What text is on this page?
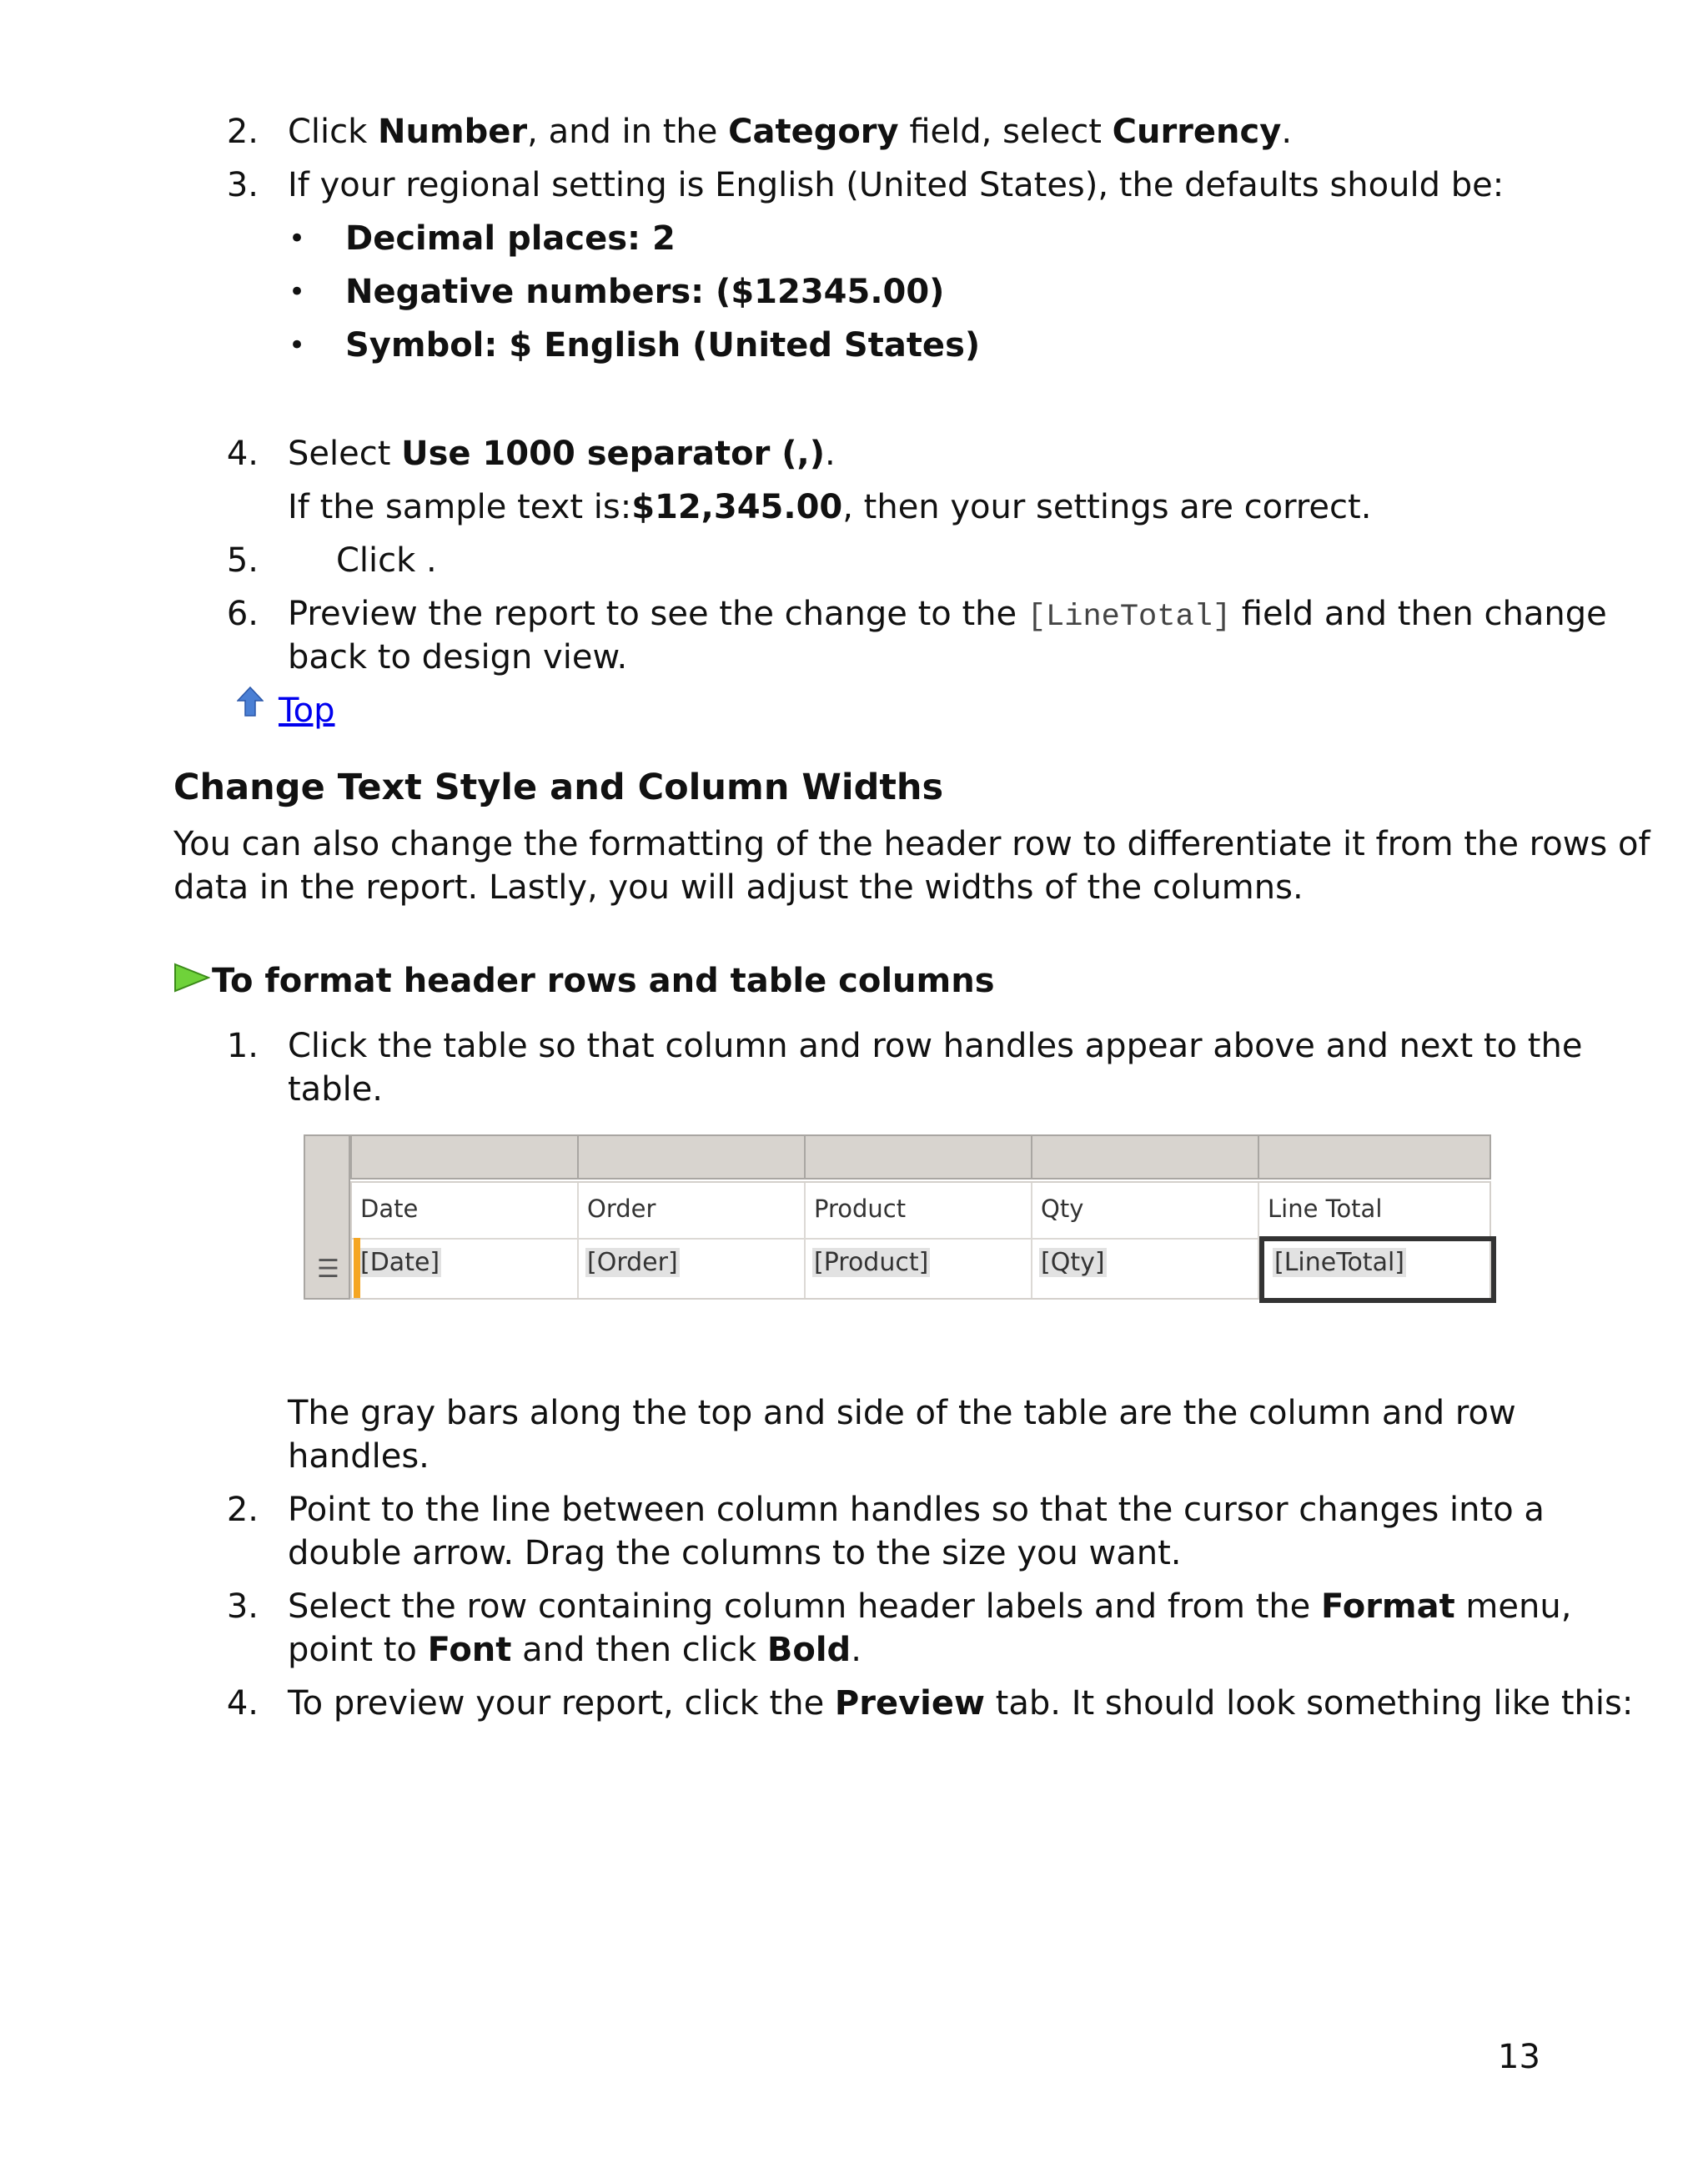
2. Click Number, and in the Category field, select Currency.
3. If your regional setting is English (United States), the defaults should be:
• Decimal places: 2
• Negative numbers: ($12345.00)
• Symbol: $ English (United States)
4. Select Use 1000 separator (,).
If the sample text is:$12,345.00, then your settings are correct.
5. Click .
6. Preview the report to see the change to the [LineTotal] field and then change
back to design view.
Top
Change Text Style and Column Widths
You can also change the formatting of the header row to differentiate it from the rows of
data in the report. Lastly, you will adjust the widths of the columns.
To format header rows and table columns
1. Click the table so that column and row handles appear above and next to the
table.
Date
[Date]
Order
[Order]
Product
[Product]
Qty
[Qty]
Line Total
[LineTotal]
☰
The gray bars along the top and side of the table are the column and row
handles.
2. Point to the line between column handles so that the cursor changes into a
double arrow. Drag the columns to the size you want.
3. Select the row containing column header labels and from the Format menu,
point to Font and then click Bold.
4. To preview your report, click the Preview tab. It should look something like this:
13
